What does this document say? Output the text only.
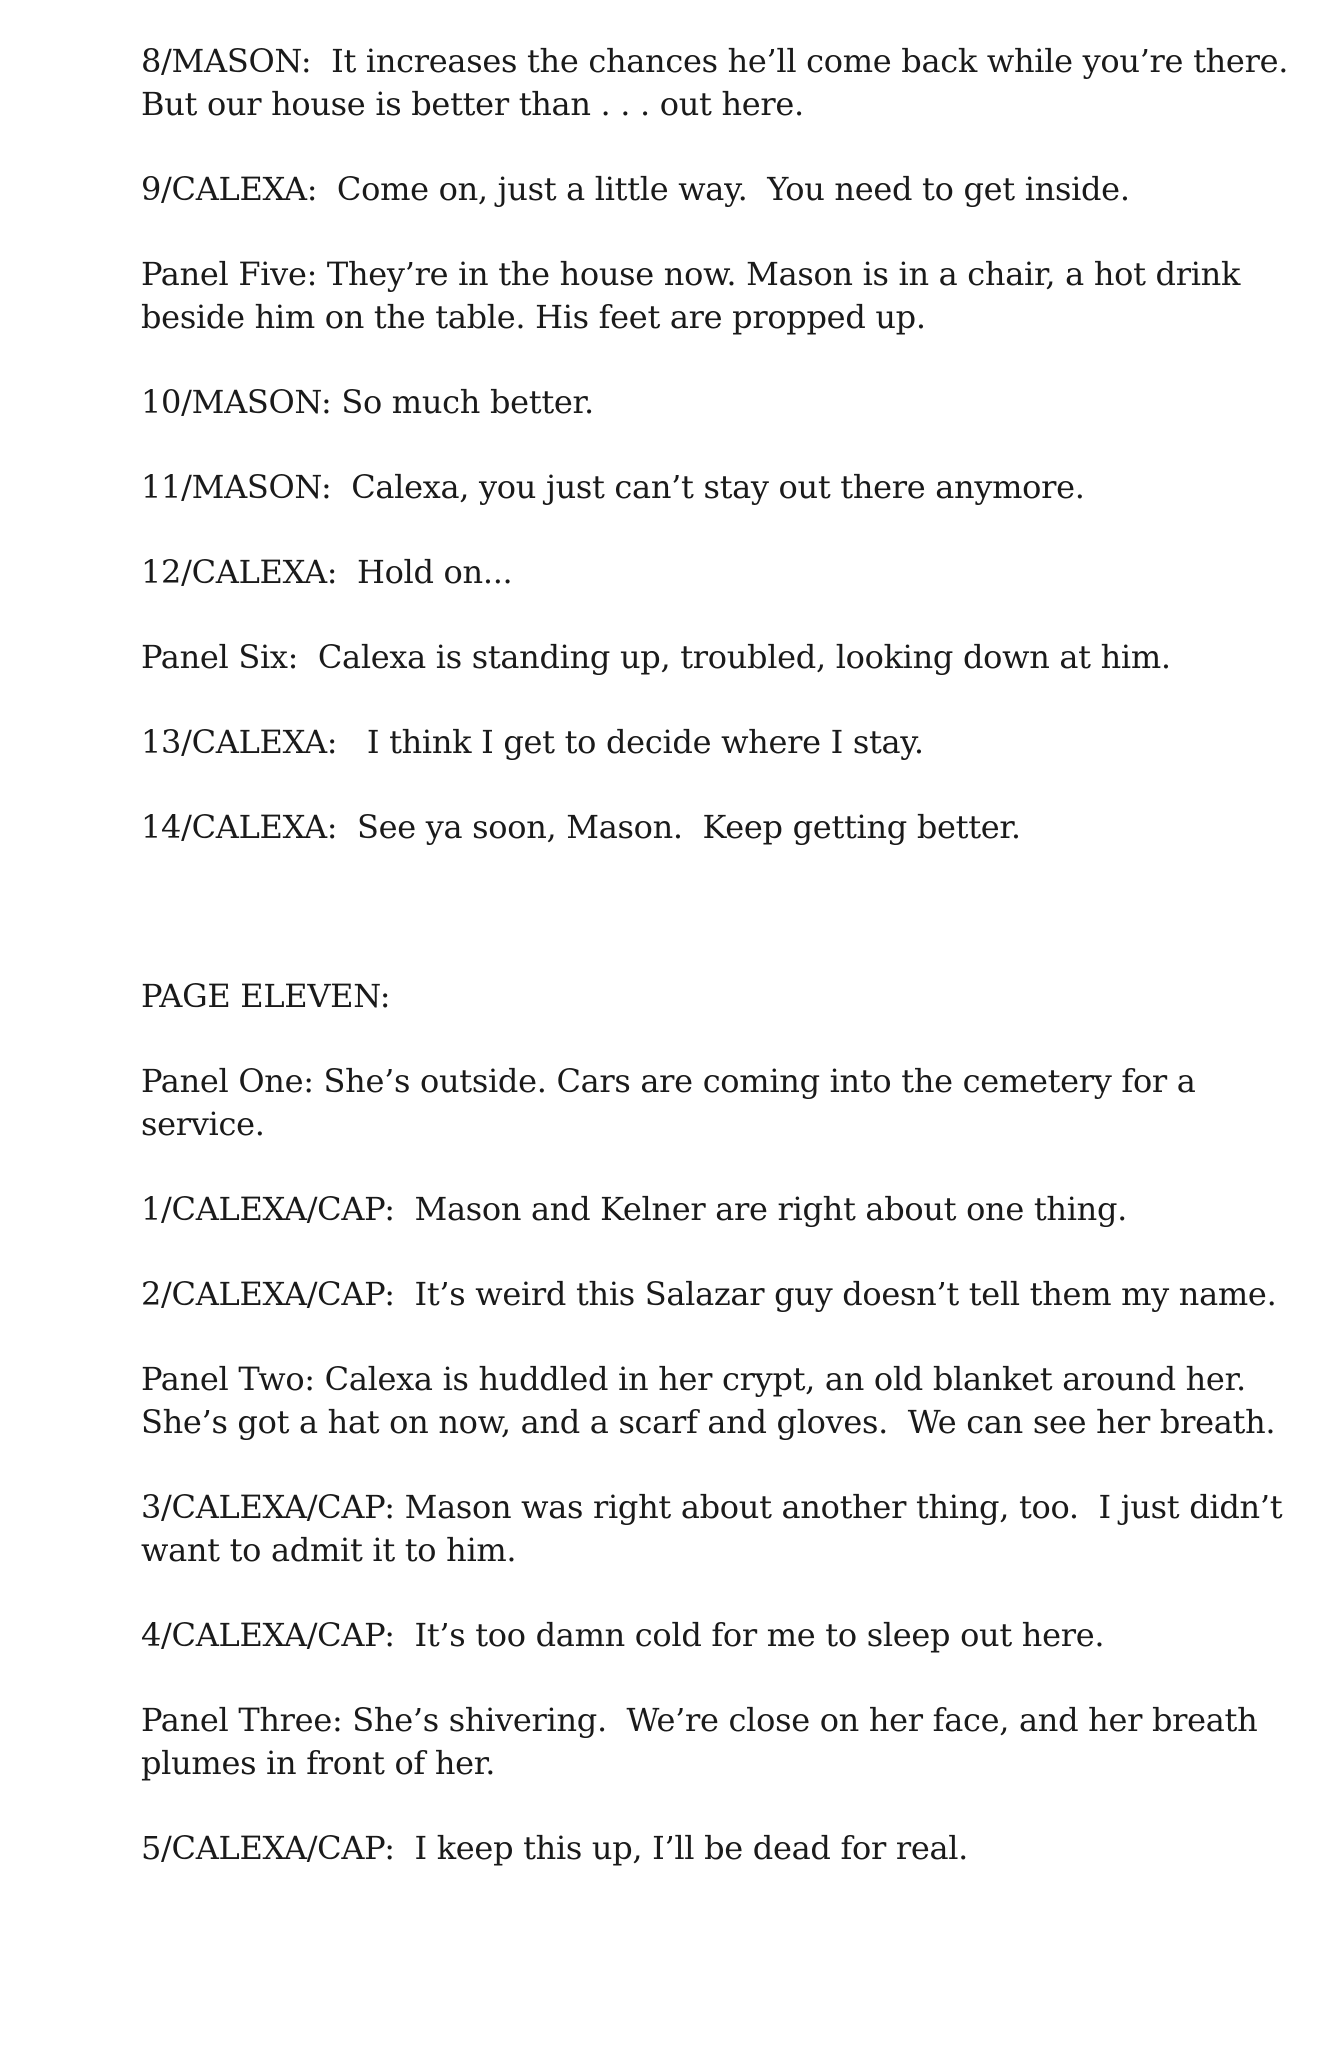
8/MASON:  It increases the chances he’ll come back while you’re there.  But our house is better than . . . out here.

9/CALEXA:  Come on, just a little way.  You need to get inside.

Panel Five: They’re in the house now. Mason is in a chair, a hot drink beside him on the table. His feet are propped up.

10/MASON: So much better.

11/MASON:  Calexa, you just can’t stay out there anymore.

12/CALEXA:  Hold on...

Panel Six:  Calexa is standing up, troubled, looking down at him.

13/CALEXA:   I think I get to decide where I stay.

14/CALEXA:  See ya soon, Mason.  Keep getting better.

PAGE ELEVEN:

Panel One: She’s outside. Cars are coming into the cemetery for a service.

1/CALEXA/CAP:  Mason and Kelner are right about one thing.

2/CALEXA/CAP:  It’s weird this Salazar guy doesn’t tell them my name.

Panel Two: Calexa is huddled in her crypt, an old blanket around her.  She’s got a hat on now, and a scarf and gloves.  We can see her breath.

3/CALEXA/CAP: Mason was right about another thing, too.  I just didn’t want to admit it to him.

4/CALEXA/CAP:  It’s too damn cold for me to sleep out here.

Panel Three: She’s shivering.  We’re close on her face, and her breath plumes in front of her.

5/CALEXA/CAP:  I keep this up, I’ll be dead for real.
